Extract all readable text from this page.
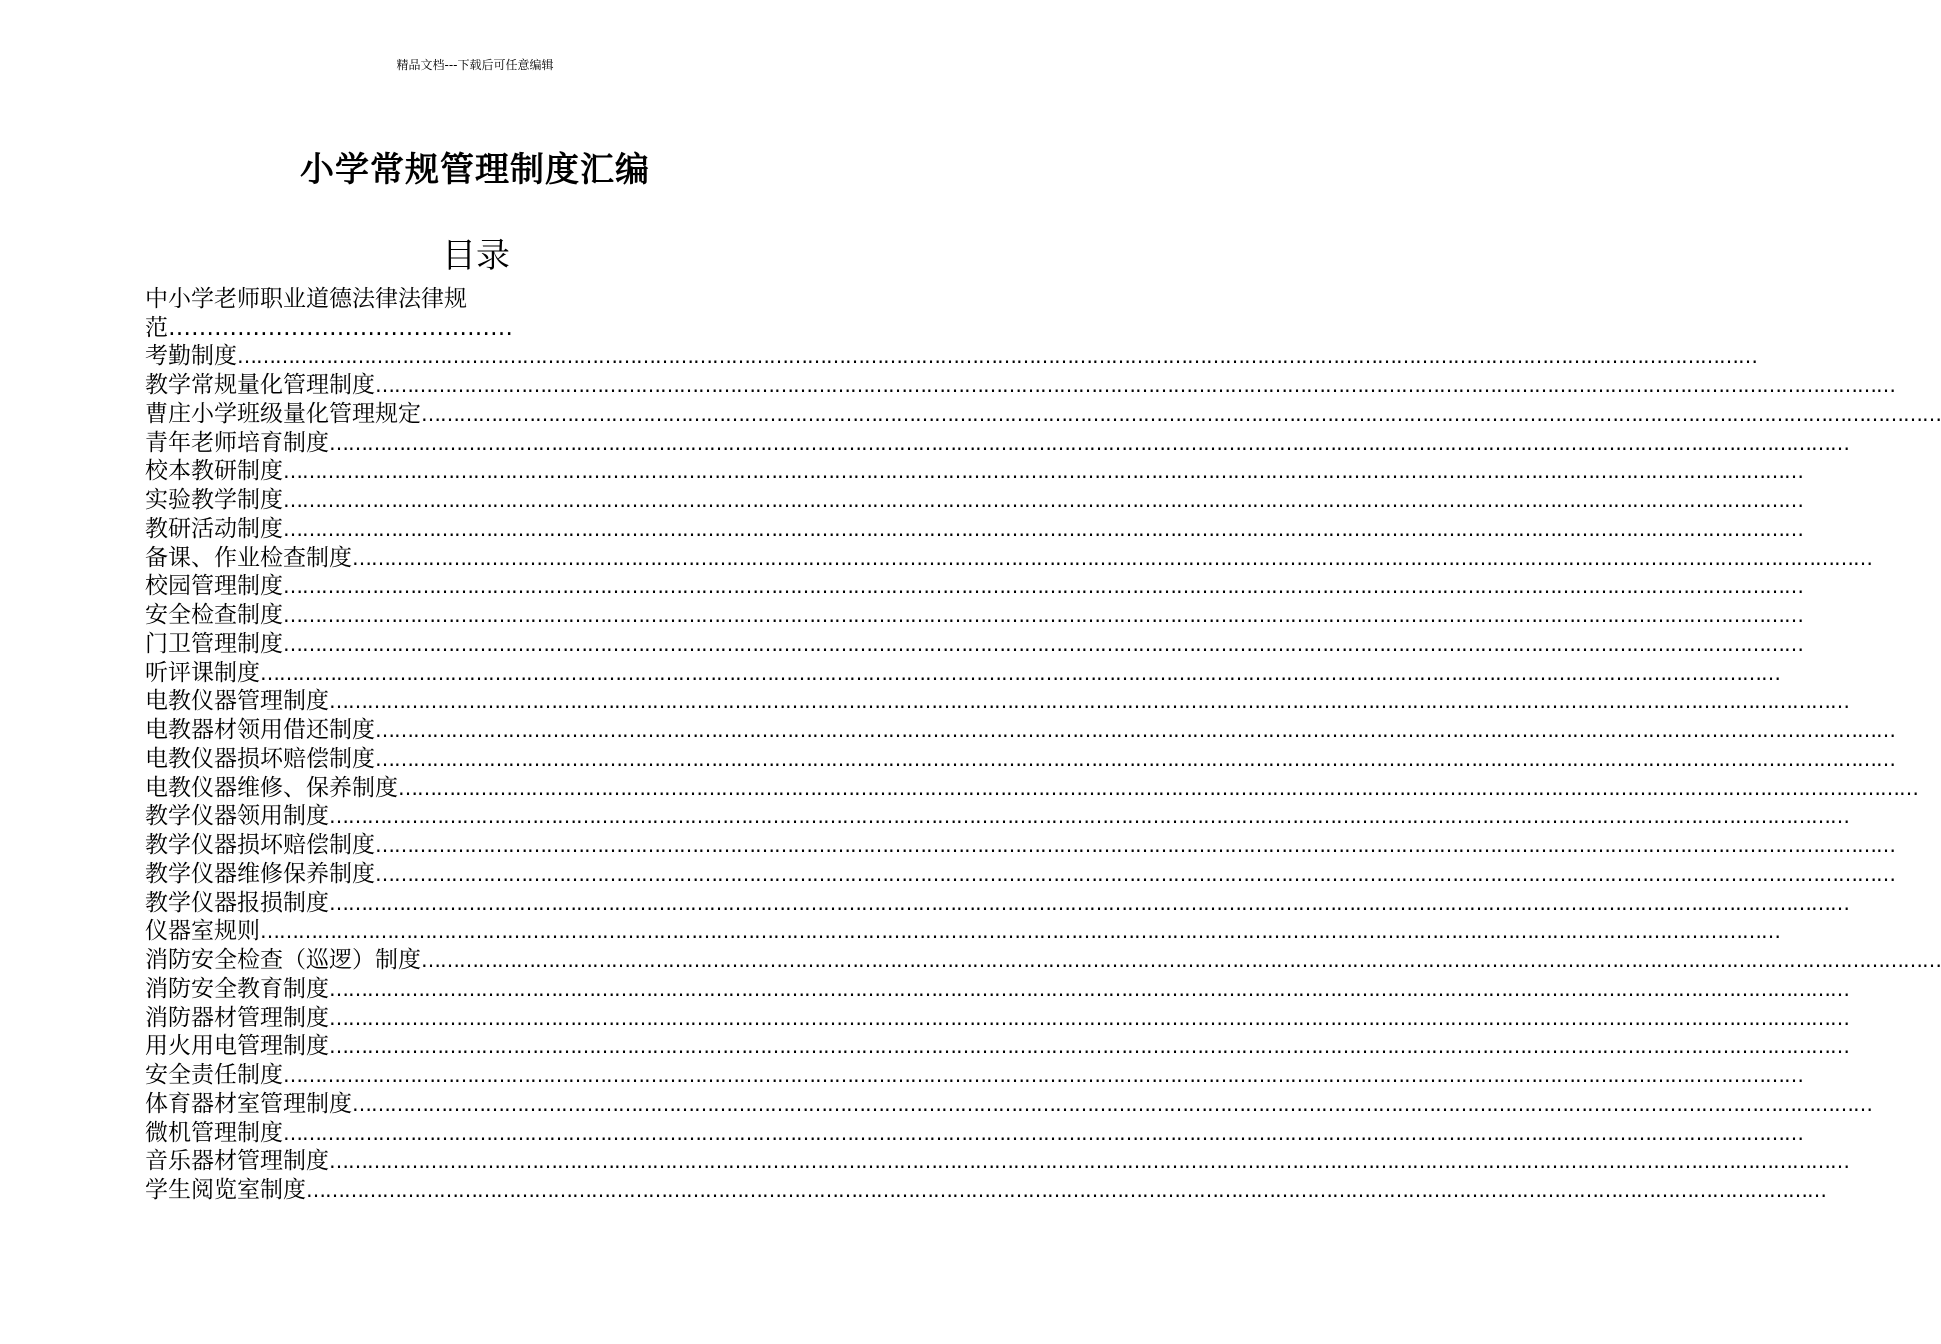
精品文档---下载后可任意编辑
小学常规管理制度汇编
目录
中小学老师职业道德法律法律规范………………………………………
考勤制度 ……………………………………………………………………………………………………………………………………………………………………………………………………………………
教学常规量化管理制度 ……………………………………………………………………………………………………………………………………………………………………………………………………………………
曹庄小学班级量化管理规定 ……………………………………………………………………………………………………………………………………………………………………………………………………………………
青年老师培育制度 ……………………………………………………………………………………………………………………………………………………………………………………………………………………
校本教研制度 ……………………………………………………………………………………………………………………………………………………………………………………………………………………
实验教学制度 ……………………………………………………………………………………………………………………………………………………………………………………………………………………
教研活动制度 ……………………………………………………………………………………………………………………………………………………………………………………………………………………
备课、作业检查制度 ……………………………………………………………………………………………………………………………………………………………………………………………………………………
校园管理制度 ……………………………………………………………………………………………………………………………………………………………………………………………………………………
安全检查制度 ……………………………………………………………………………………………………………………………………………………………………………………………………………………
门卫管理制度 ……………………………………………………………………………………………………………………………………………………………………………………………………………………
听评课制度 ……………………………………………………………………………………………………………………………………………………………………………………………………………………
电教仪器管理制度 ……………………………………………………………………………………………………………………………………………………………………………………………………………………
电教器材领用借还制度 ……………………………………………………………………………………………………………………………………………………………………………………………………………………
电教仪器损坏赔偿制度 ……………………………………………………………………………………………………………………………………………………………………………………………………………………
电教仪器维修、保养制度 ……………………………………………………………………………………………………………………………………………………………………………………………………………………
教学仪器领用制度 ……………………………………………………………………………………………………………………………………………………………………………………………………………………
教学仪器损坏赔偿制度 ……………………………………………………………………………………………………………………………………………………………………………………………………………………
教学仪器维修保养制度 ……………………………………………………………………………………………………………………………………………………………………………………………………………………
教学仪器报损制度 ……………………………………………………………………………………………………………………………………………………………………………………………………………………
仪器室规则 ……………………………………………………………………………………………………………………………………………………………………………………………………………………
消防安全检查（巡逻）制度 ……………………………………………………………………………………………………………………………………………………………………………………………………………………
消防安全教育制度 ……………………………………………………………………………………………………………………………………………………………………………………………………………………
消防器材管理制度 ……………………………………………………………………………………………………………………………………………………………………………………………………………………
用火用电管理制度 ……………………………………………………………………………………………………………………………………………………………………………………………………………………
安全责任制度 ……………………………………………………………………………………………………………………………………………………………………………………………………………………
体育器材室管理制度 ……………………………………………………………………………………………………………………………………………………………………………………………………………………
微机管理制度 ……………………………………………………………………………………………………………………………………………………………………………………………………………………
音乐器材管理制度 ……………………………………………………………………………………………………………………………………………………………………………………………………………………
学生阅览室制度 ……………………………………………………………………………………………………………………………………………………………………………………………………………………
